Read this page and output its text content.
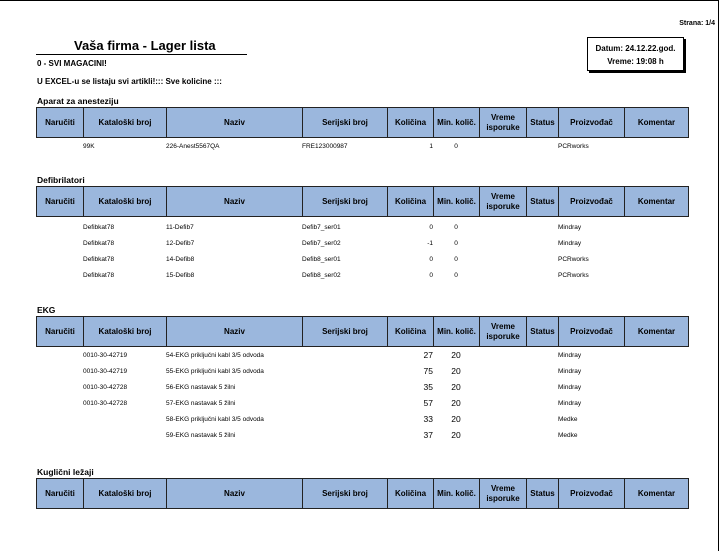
Strana: 1/4
Vaša firma - Lager lista
0 - SVI MAGACINI!
U EXCEL-u se listaju svi artikli!::: Sve kolicine :::
Datum: 24.12.22.god.
Vreme: 19:08 h
Aparat za anesteziju
Naručiti	Kataloški broj	Naziv	Serijski broj	Količina	Min. količ.	Vreme isporuke	Status	Proizvođač	Komentar
	99K	226-Anest5567QA	FRE123000987	1	0			PCRworks	
Defibrilatori
Naručiti	Kataloški broj	Naziv	Serijski broj	Količina	Min. količ.	Vreme isporuke	Status	Proizvođač	Komentar
	Defibkat78	11-Defib7	Defib7_ser01	0	0			Mindray	
	Defibkat78	12-Defib7	Defib7_ser02	-1	0			Mindray	
	Defibkat78	14-Defib8	Defib8_ser01	0	0			PCRworks	
	Defibkat78	15-Defib8	Defib8_ser02	0	0			PCRworks	
EKG
Naručiti	Kataloški broj	Naziv	Serijski broj	Količina	Min. količ.	Vreme isporuke	Status	Proizvođač	Komentar
	0010-30-42719	54-EKG priključni kabl 3/5 odvoda		27	20			Mindray	
	0010-30-42719	55-EKG priključni kabl 3/5 odvoda		75	20			Mindray	
	0010-30-42728	56-EKG nastavak 5 žilni		35	20			Mindray	
	0010-30-42728	57-EKG nastavak 5 žilni		57	20			Mindray	
		58-EKG priključni kabl 3/5 odvoda		33	20			Medke	
		59-EKG nastavak 5 žilni		37	20			Medke	
Kuglični ležaji
Naručiti	Kataloški broj	Naziv	Serijski broj	Količina	Min. količ.	Vreme isporuke	Status	Proizvođač	Komentar
